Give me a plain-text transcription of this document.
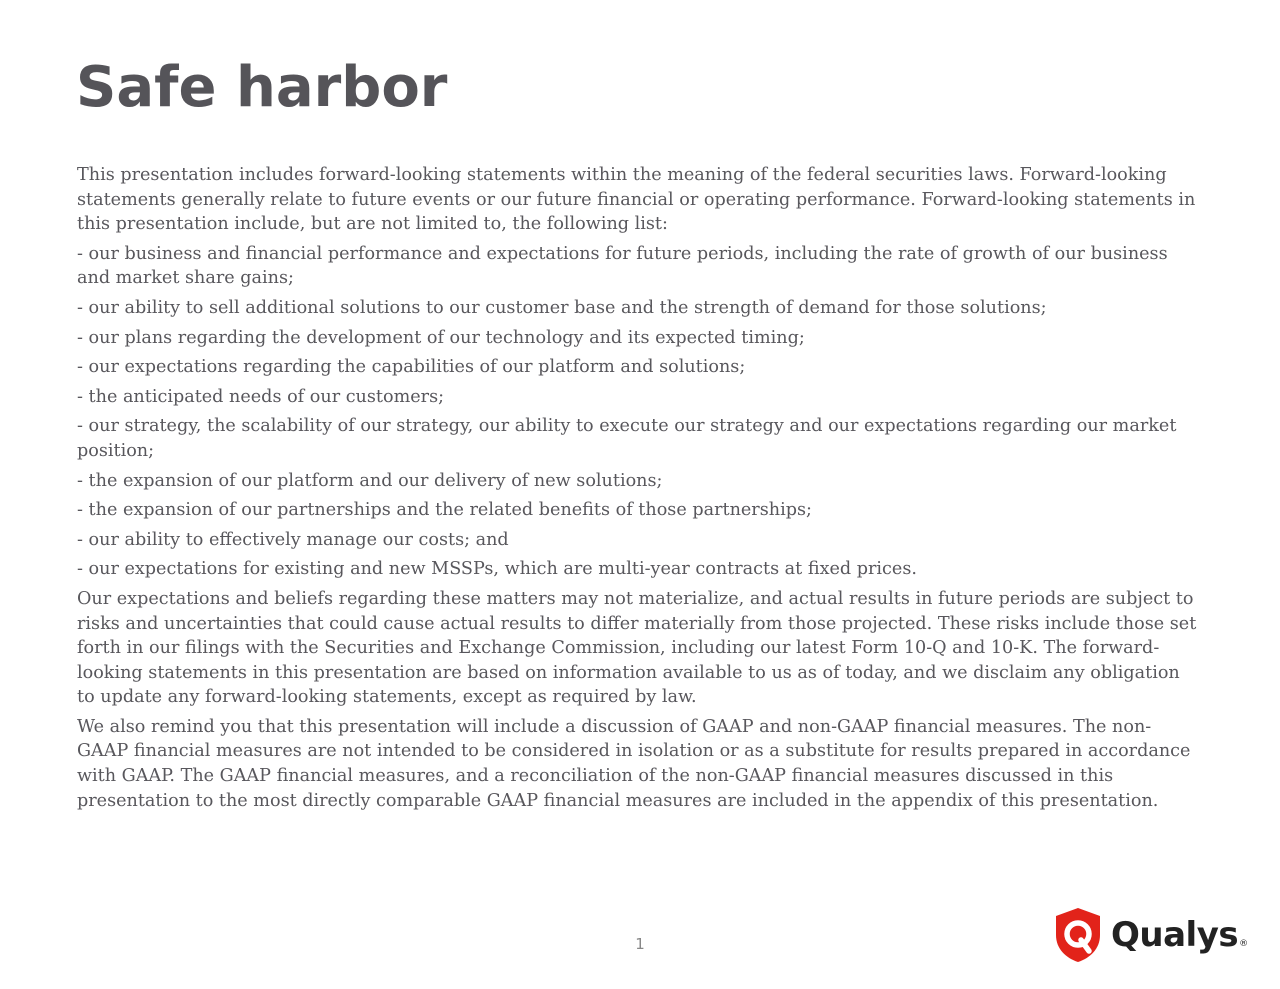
Safe harbor

This presentation includes forward-looking statements within the meaning of the federal securities laws. Forward-looking statements generally relate to future events or our future financial or operating performance. Forward-looking statements in this presentation include, but are not limited to, the following list:

- our business and financial performance and expectations for future periods, including the rate of growth of our business and market share gains;

- our ability to sell additional solutions to our customer base and the strength of demand for those solutions;

- our plans regarding the development of our technology and its expected timing;

- our expectations regarding the capabilities of our platform and solutions;

- the anticipated needs of our customers;

- our strategy, the scalability of our strategy, our ability to execute our strategy and our expectations regarding our market position;

- the expansion of our platform and our delivery of new solutions;

- the expansion of our partnerships and the related benefits of those partnerships;

- our ability to effectively manage our costs; and

- our expectations for existing and new MSSPs, which are multi-year contracts at fixed prices.

Our expectations and beliefs regarding these matters may not materialize, and actual results in future periods are subject to risks and uncertainties that could cause actual results to differ materially from those projected. These risks include those set forth in our filings with the Securities and Exchange Commission, including our latest Form 10-Q and 10-K. The forward-looking statements in this presentation are based on information available to us as of today, and we disclaim any obligation to update any forward-looking statements, except as required by law.

We also remind you that this presentation will include a discussion of GAAP and non-GAAP financial measures. The non-GAAP financial measures are not intended to be considered in isolation or as a substitute for results prepared in accordance with GAAP. The GAAP financial measures, and a reconciliation of the non-GAAP financial measures discussed in this presentation to the most directly comparable GAAP financial measures are included in the appendix of this presentation.

1	Qualys ®
